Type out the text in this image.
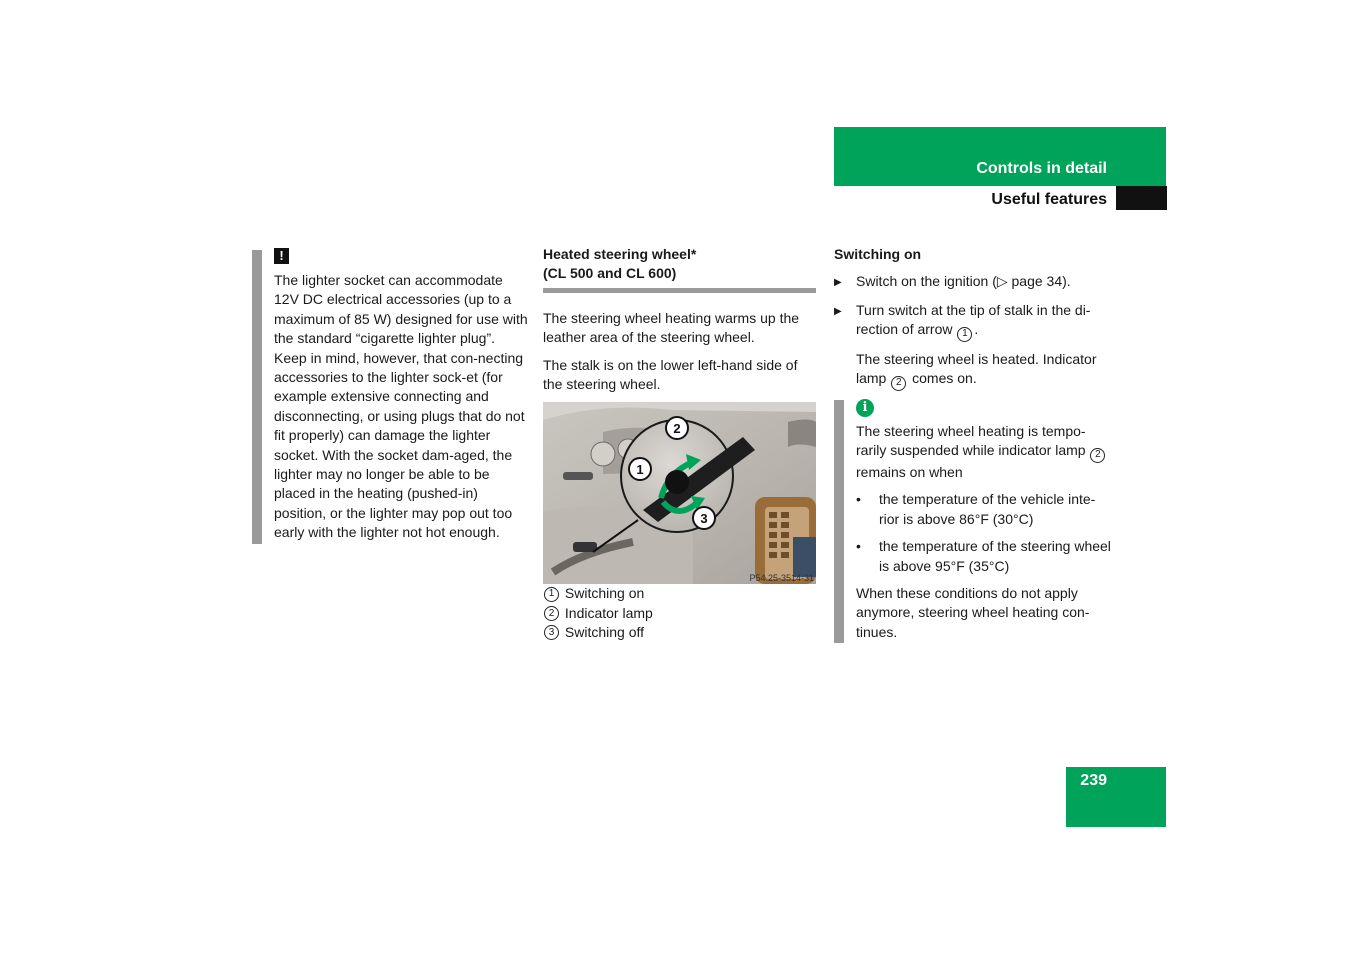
Controls in detail
Useful features
!

The lighter socket can accommodate 12V DC electrical accessories (up to a maximum of 85 W) designed for use with the standard “cigarette lighter plug”. Keep in mind, however, that con-necting accessories to the lighter sock-et (for example extensive connecting and disconnecting, or using plugs that do not fit properly) can damage the lighter socket. With the socket dam-aged, the lighter may no longer be able to be placed in the heating (pushed-in) position, or the lighter may pop out too early with the lighter not hot enough.

Heated steering wheel*
(CL 500 and CL 600)

The steering wheel heating warms up the leather area of the steering wheel.

The stalk is on the lower left-hand side of the steering wheel.

2
1
3
P54.25-3514-31
1
Switching on
2
Indicator lamp
3
Switching off
Switching on
▶	Switch on the ignition (▷ page 34).
▶	Turn switch at the tip of stalk in the di-rection of arrow 1 .

The steering wheel is heated. Indicator lamp 2 comes on.

i

The steering wheel heating is tempo-rarily suspended while indicator lamp 2 remains on when

•	the temperature of the vehicle inte-rior is above 86°F (30°C)
•	the temperature of the steering wheel is above 95°F (35°C)

When these conditions do not apply anymore, steering wheel heating con-tinues.

239
